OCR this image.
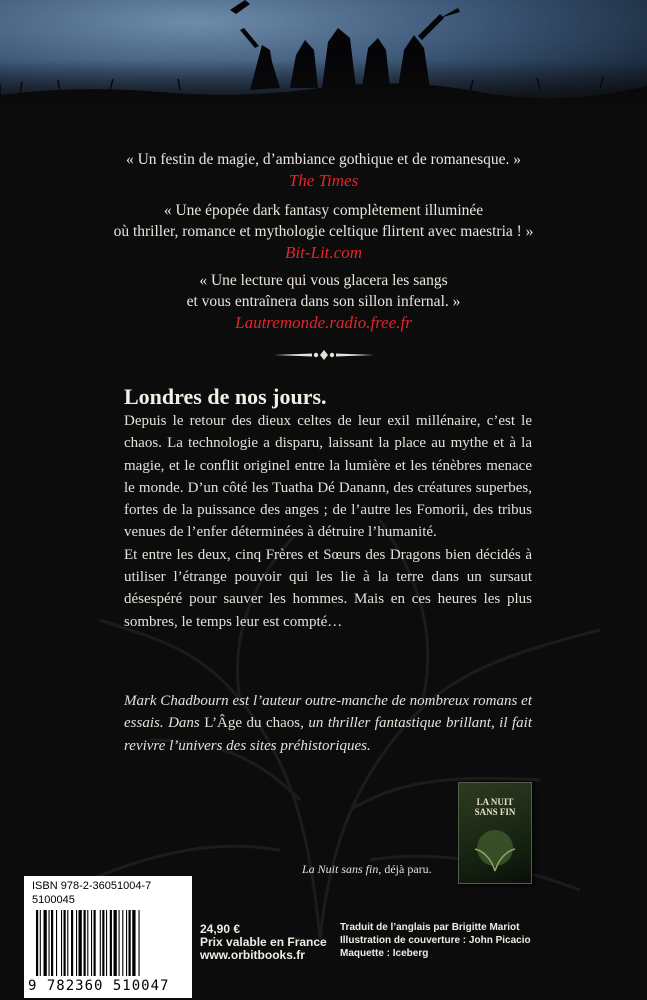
« Un festin de magie, d’ambiance gothique et de romanesque. »
The Times
« Une épopée dark fantasy complètement illuminée
où thriller, romance et mythologie celtique flirtent avec maestria ! »
Bit-Lit.com
« Une lecture qui vous glacera les sangs
et vous entraînera dans son sillon infernal. »
Lautremonde.radio.free.fr
Londres de nos jours.

Depuis le retour des dieux celtes de leur exil millénaire, c’est le chaos. La technologie a disparu, laissant la place au mythe et à la magie, et le conflit originel entre la lumière et les ténèbres menace le monde. D’un côté les Tuatha Dé Danann, des créatures superbes, fortes de la puissance des anges ; de l’autre les Fomorii, des tribus venues de l’enfer déterminées à détruire l’humanité.

Et entre les deux, cinq Frères et Sœurs des Dragons bien décidés à utiliser l’étrange pouvoir qui les lie à la terre dans un sursaut désespéré pour sauver les hommes. Mais en ces heures les plus sombres, le temps leur est compté…

Mark Chadbourn est l’auteur outre-manche de nombreux romans et essais. Dans L’Âge du chaos, un thriller fantastique brillant, il fait revivre l’univers des sites préhistoriques.
LA NUIT
SANS FIN
La Nuit sans fin, déjà paru.
ISBN 978-2-36051004-7
5100045
9 782360 510047
24,90 €
Prix valable en France
www.orbitbooks.fr
Traduit de l’anglais par Brigitte Mariot
Illustration de couverture : John Picacio
Maquette : Iceberg
